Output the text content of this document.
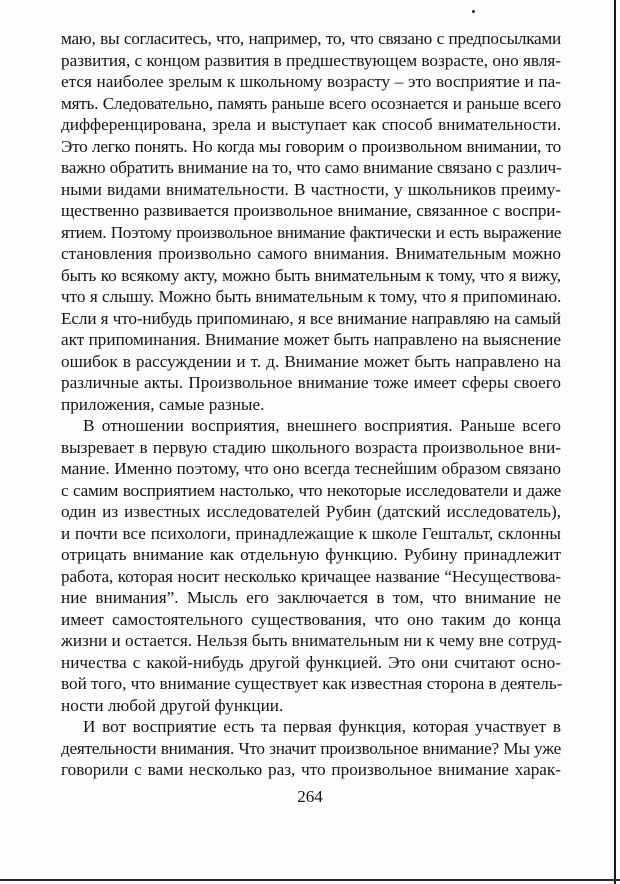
маю, вы согласитесь, что, например, то, что связано с предпосылками
развития, с концом развития в предшествующем возрасте, оно явля-
ется наиболее зрелым к школьному возрасту – это восприятие и па-
мять. Следовательно, память раньше всего осознается и раньше всего
дифференцирована, зрела и выступает как способ внимательности.
Это легко понять. Но когда мы говорим о произвольном внимании, то
важно обратить внимание на то, что само внимание связано с различ-
ными видами внимательности. В частности, у школьников преиму-
щественно развивается произвольное внимание, связанное с воспри-
ятием. Поэтому произвольное внимание фактически и есть выражение
становления произвольно самого внимания. Внимательным можно
быть ко всякому акту, можно быть внимательным к тому, что я вижу,
что я слышу. Можно быть внимательным к тому, что я припоминаю.
Если я что-нибудь припоминаю, я все внимание направляю на самый
акт припоминания. Внимание может быть направлено на выяснение
ошибок в рассуждении и т. д. Внимание может быть направлено на
различные акты. Произвольное внимание тоже имеет сферы своего
приложения, самые разные.
В отношении восприятия, внешнего восприятия. Раньше всего
вызревает в первую стадию школьного возраста произвольное вни-
мание. Именно поэтому, что оно всегда теснейшим образом связано
с самим восприятием настолько, что некоторые исследователи и даже
один из известных исследователей Рубин (датский исследователь),
и почти все психологи, принадлежащие к школе Гештальт, склонны
отрицать внимание как отдельную функцию. Рубину принадлежит
работа, которая носит несколько кричащее название “Несуществова-
ние внимания”. Мысль его заключается в том, что внимание не
имеет самостоятельного существования, что оно таким до конца
жизни и остается. Нельзя быть внимательным ни к чему вне сотруд-
ничества с какой-нибудь другой функцией. Это они считают осно-
вой того, что внимание существует как известная сторона в деятель-
ности любой другой функции.
И вот восприятие есть та первая функция, которая участвует в
деятельности внимания. Что значит произвольное внимание? Мы уже
говорили с вами несколько раз, что произвольное внимание харак-
264
